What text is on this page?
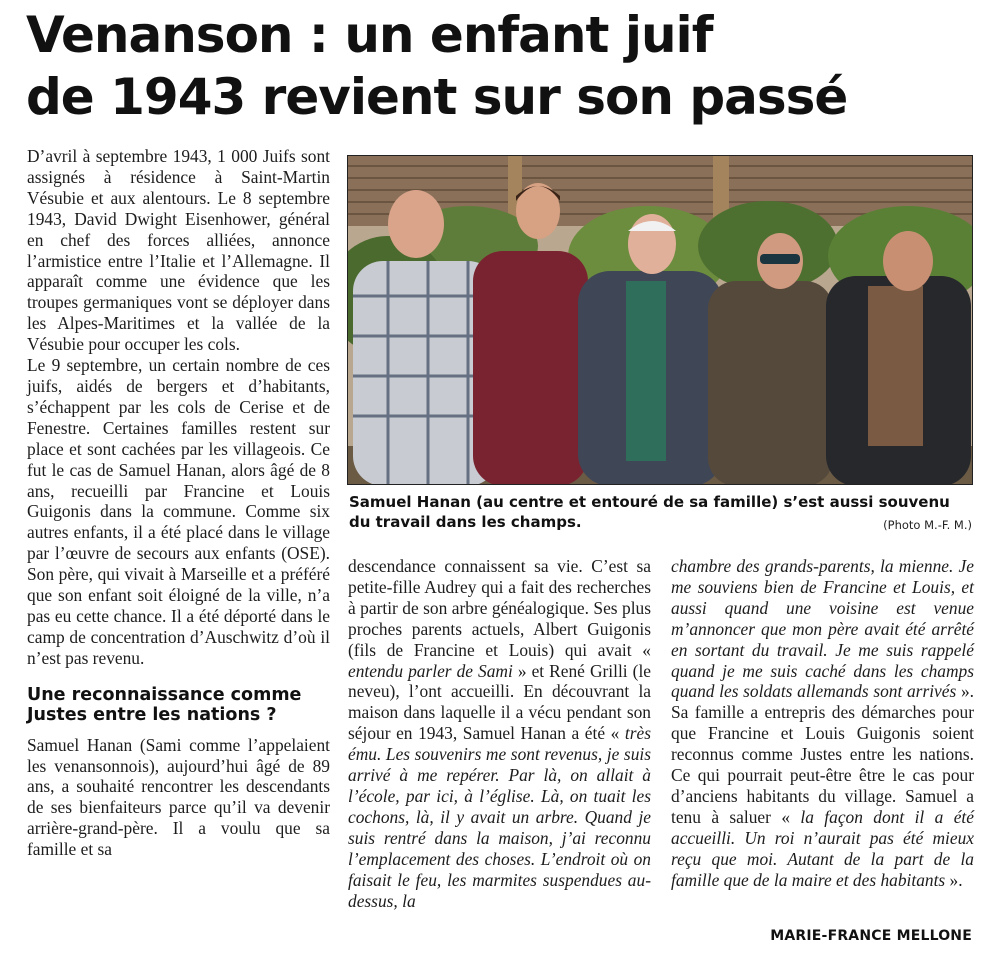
Venanson : un enfant juif
de 1943 revient sur son passé

D’avril à septembre 1943, 1 000 Juifs sont assignés à résidence à Saint-Martin Vésubie et aux alentours. Le 8 septembre 1943, David Dwight Eisenhower, général en chef des forces alliées, annonce l’armistice entre l’Italie et l’Allemagne. Il apparaît comme une évidence que les troupes germaniques vont se déployer dans les Alpes-Maritimes et la vallée de la Vésubie pour occuper les cols.

Le 9 septembre, un certain nombre de ces juifs, aidés de bergers et d’habitants, s’échappent par les cols de Cerise et de Fenestre. Certaines familles restent sur place et sont cachées par les villageois. Ce fut le cas de Samuel Hanan, alors âgé de 8 ans, recueilli par Francine et Louis Guigonis dans la commune. Comme six autres enfants, il a été placé dans le village par l’œuvre de secours aux enfants (OSE). Son père, qui vivait à Marseille et a préféré que son enfant soit éloigné de la ville, n’a pas eu cette chance. Il a été déporté dans le camp de concentration d’Auschwitz d’où il n’est pas revenu.

Une reconnaissance comme Justes entre les nations ?

Samuel Hanan (Sami comme l’appelaient les venansonnois), aujourd’hui âgé de 89 ans, a souhaité rencontrer les descendants de ses bienfaiteurs parce qu’il va devenir arrière-grand-père. Il a voulu que sa famille et sa

Samuel Hanan (au centre et entouré de sa famille) s’est aussi souvenu du travail dans les champs.	(Photo M.-F. M.)

descendance connaissent sa vie. C’est sa petite-fille Audrey qui a fait des recherches à partir de son arbre généalogique. Ses plus proches parents actuels, Albert Guigonis (fils de Francine et Louis) qui avait « entendu parler de Sami » et René Grilli (le neveu), l’ont accueilli. En découvrant la maison dans laquelle il a vécu pendant son séjour en 1943, Samuel Hanan a été « très ému. Les souvenirs me sont revenus, je suis arrivé à me repérer. Par là, on allait à l’école, par ici, à l’église. Là, on tuait les cochons, là, il y avait un arbre. Quand je suis rentré dans la maison, j’ai reconnu l’emplacement des choses. L’endroit où on faisait le feu, les marmites suspendues au-dessus, la

chambre des grands-parents, la mienne. Je me souviens bien de Francine et Louis, et aussi quand une voisine est venue m’annoncer que mon père avait été arrêté en sortant du travail. Je me suis rappelé quand je me suis caché dans les champs quand les soldats allemands sont arrivés ». Sa famille a entrepris des démarches pour que Francine et Louis Guigonis soient reconnus comme Justes entre les nations. Ce qui pourrait peut-être être le cas pour d’anciens habitants du village. Samuel a tenu à saluer « la façon dont il a été accueilli. Un roi n’aurait pas été mieux reçu que moi. Autant de la part de la famille que de la maire et des habitants ».

MARIE-FRANCE MELLONE
